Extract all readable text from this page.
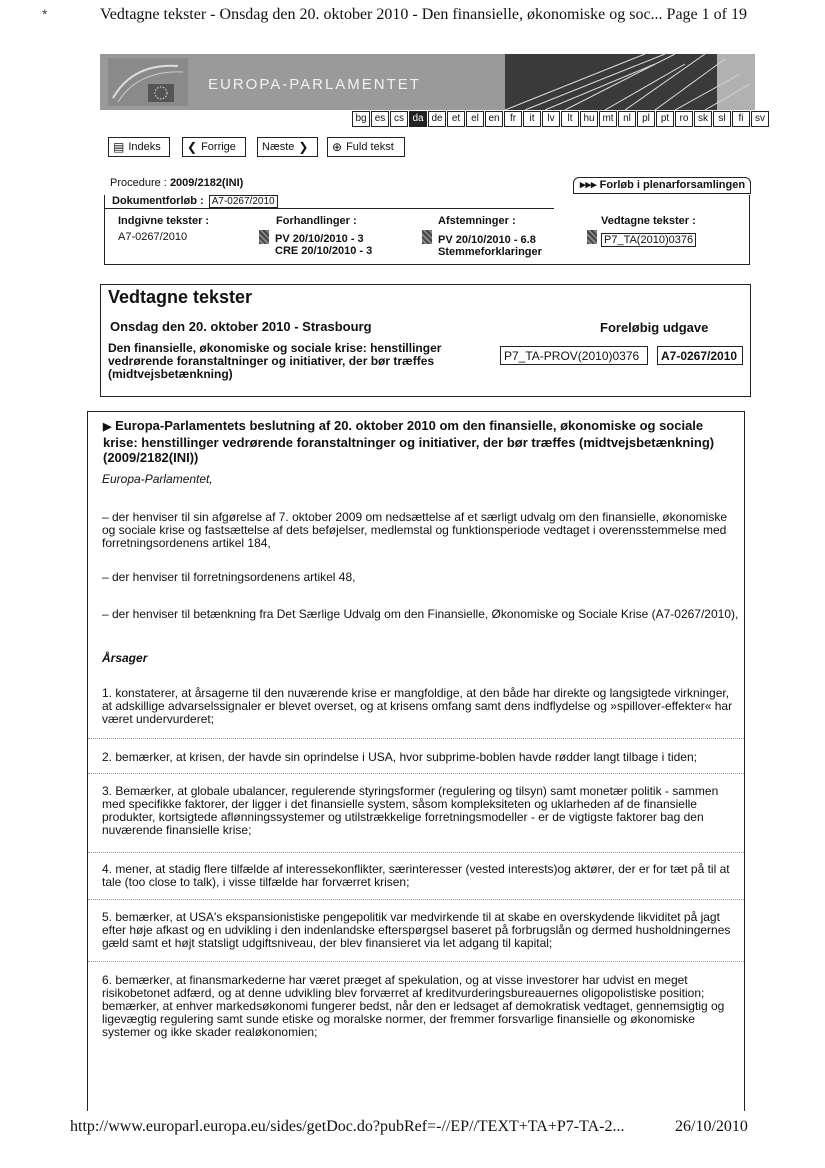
*	Vedtagne tekster - Onsdag den 20. oktober 2010 - Den finansielle, økonomiske og soc... Page 1 of 19
EUROPA-PARLAMENTET
bg es cs da de et	el en	fr	it	lv	lt	hu mt nl	pl	pt	ro sk	sl	fi	sv
▤ Indeks ❮ Forrige Næste ❯ ⊕ Fuld tekst
Procedure : 2009/2182(INI)	▸▸▸ Forløb i plenarforsamlingen
Dokumentforløb : A7-0267/2010
Indgivne tekster :
A7-0267/2010
Forhandlinger :
PV 20/10/2010 - 3
CRE 20/10/2010 - 3
Afstemninger :
PV 20/10/2010 - 6.8
Stemmeforklaringer
Vedtagne tekster :
P7_TA(2010)0376
Vedtagne tekster
Onsdag den 20. oktober 2010 - Strasbourg	Foreløbig udgave
Den finansielle, økonomiske og sociale krise: henstillinger vedrørende foranstaltninger og initiativer, der bør træffes (midtvejsbetænkning)
P7_TA-PROV(2010)0376	A7-0267/2010
▶ Europa-Parlamentets beslutning af 20. oktober 2010 om den finansielle, økonomiske og sociale krise: henstillinger vedrørende foranstaltninger og initiativer, der bør træffes (midtvejsbetænkning) (2009/2182(INI))
Europa-Parlamentet,
– der henviser til sin afgørelse af 7. oktober 2009 om nedsættelse af et særligt udvalg om den finansielle, økonomiske og sociale krise og fastsættelse af dets beføjelser, medlemstal og funktionsperiode vedtaget i overensstemmelse med forretningsordenens artikel 184,
– der henviser til forretningsordenens artikel 48,
– der henviser til betænkning fra Det Særlige Udvalg om den Finansielle, Økonomiske og Sociale Krise (A7-0267/2010),
Årsager
1. konstaterer, at årsagerne til den nuværende krise er mangfoldige, at den både har direkte og langsigtede virkninger, at adskillige advarselssignaler er blevet overset, og at krisens omfang samt dens indflydelse og »spillover-effekter« har været undervurderet;
2. bemærker, at krisen, der havde sin oprindelse i USA, hvor subprime-boblen havde rødder langt tilbage i tiden;
3. Bemærker, at globale ubalancer, regulerende styringsformer (regulering og tilsyn) samt monetær politik - sammen med specifikke faktorer, der ligger i det finansielle system, såsom kompleksiteten og uklarheden af de finansielle produkter, kortsigtede aflønningssystemer og utilstrækkelige forretningsmodeller - er de vigtigste faktorer bag den nuværende finansielle krise;
4. mener, at stadig flere tilfælde af interessekonflikter, særinteresser (vested interests)og aktører, der er for tæt på til at tale (too close to talk), i visse tilfælde har forværret krisen;
5. bemærker, at USA's ekspansionistiske pengepolitik var medvirkende til at skabe en overskydende likviditet på jagt efter høje afkast og en udvikling i den indenlandske efterspørgsel baseret på forbrugslån og dermed husholdningernes gæld samt et højt statsligt udgiftsniveau, der blev finansieret via let adgang til kapital;
6. bemærker, at finansmarkederne har været præget af spekulation, og at visse investorer har udvist en meget risikobetonet adfærd, og at denne udvikling blev forværret af kreditvurderingsbureauernes oligopolistiske position; bemærker, at enhver markedsøkonomi fungerer bedst, når den er ledsaget af demokratisk vedtaget, gennemsigtig og ligevægtig regulering samt sunde etiske og moralske normer, der fremmer forsvarlige finansielle og økonomiske systemer og ikke skader realøkonomien;
http://www.europarl.europa.eu/sides/getDoc.do?pubRef=-//EP//TEXT+TA+P7-TA-2...	26/10/2010
